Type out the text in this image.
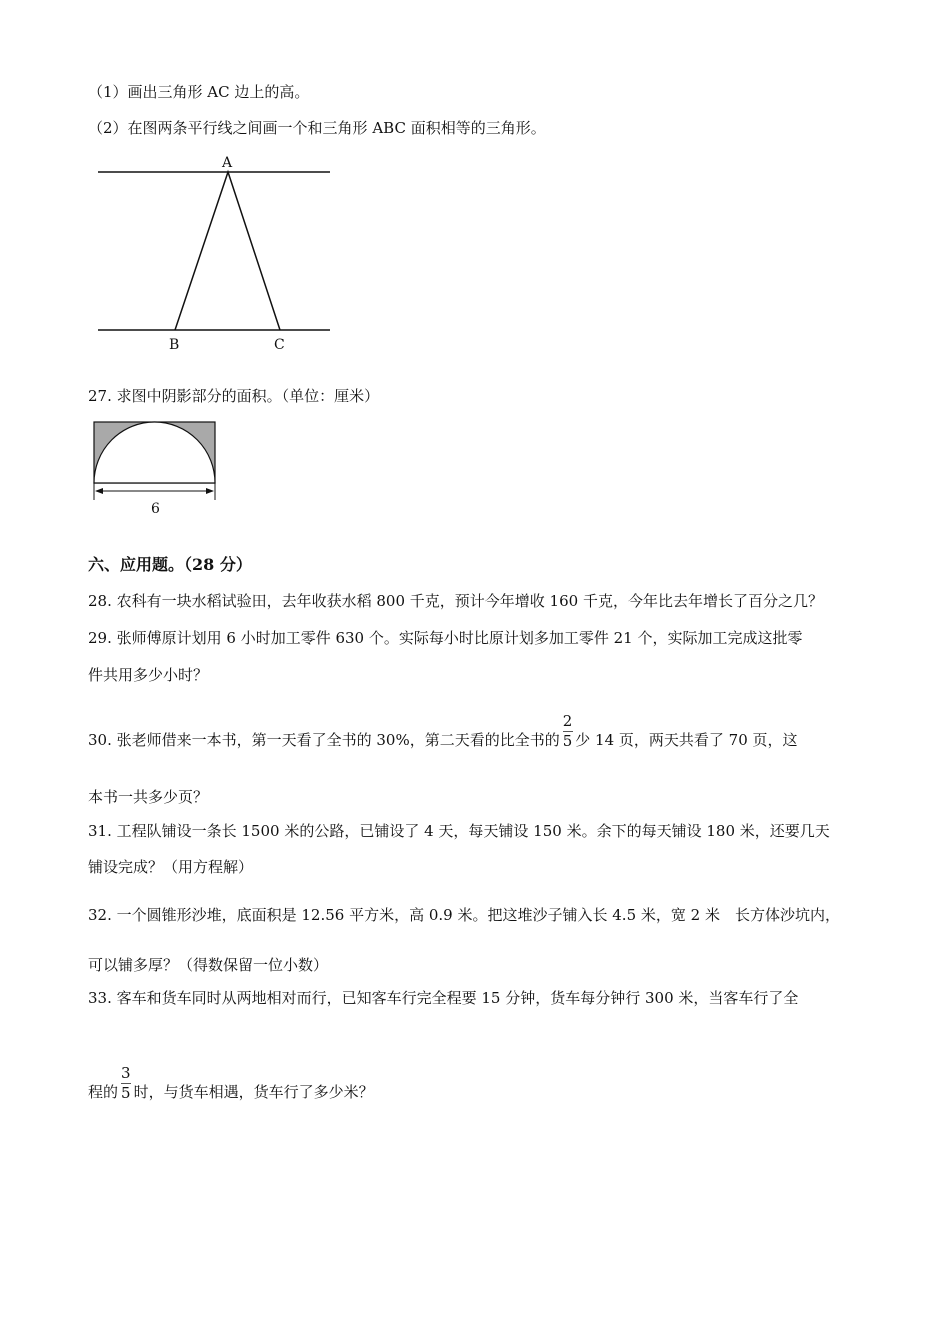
（1）画出三角形 AC 边上的高。
（2）在图两条平行线之间画一个和三角形 ABC 面积相等的三角形。
A
B	C
27. 求图中阴影部分的面积。（单位：厘米）
6
六、应用题。（28 分）
28. 农科有一块水稻试验田，去年收获水稻 800 千克，预计今年增收 160 千克，今年比去年增长了百分之几？
29. 张师傅原计划用 6 小时加工零件 630 个。实际每小时比原计划多加工零件 21 个，实际加工完成这批零
件共用多少小时？
30. 张老师借来一本书，第一天看了全书的 30%，第二天看的比全书的 $\frac{2}{5}$ 少 14 页，两天共看了 70 页，这
本书一共多少页？
31. 工程队铺设一条长 1500 米的公路，已铺设了 4 天，每天铺设 150 米。余下的每天铺设 180 米，还要几天
铺设完成？（用方程解）
32. 一个圆锥形沙堆，底面积是 12.56 平方米，高 0.9 米。把这堆沙子铺入长 4.5 米，宽 2 米　长方体沙坑内，
可以铺多厚？（得数保留一位小数）
33. 客车和货车同时从两地相对而行，已知客车行完全程要 15 分钟，货车每分钟行 300 米，当客车行了全
程的 $\frac{3}{5}$ 时，与货车相遇，货车行了多少米？
